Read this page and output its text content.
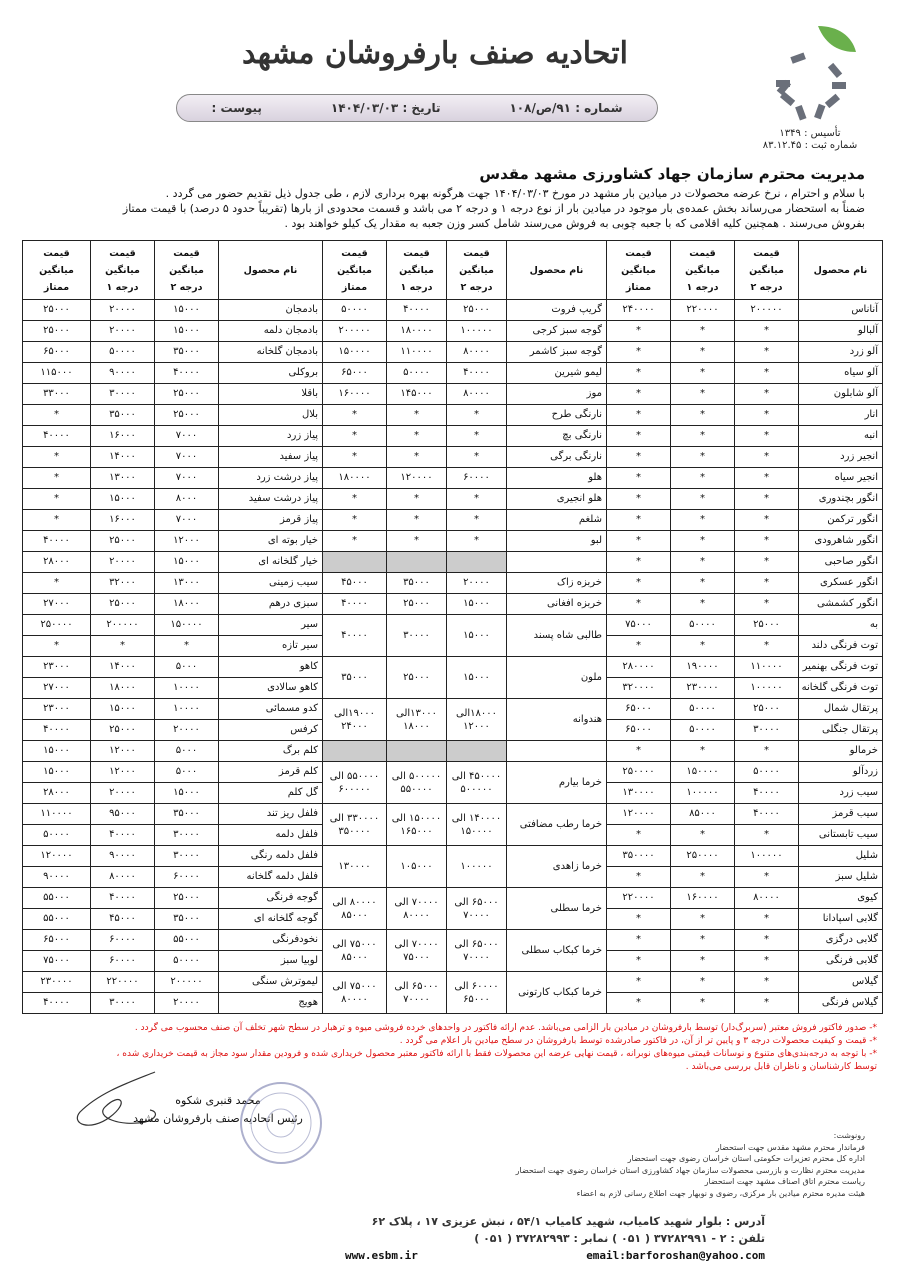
اتحادیه صنف بارفروشان مشهد
تأسیس : ۱۳۴۹
شماره ثبت : ۸۳.۱۲.۴۵
شماره : ۹۱/ص/۱۰۸
تاریخ : ۱۴۰۴/۰۳/۰۳
پیوست :
مدیریت محترم سازمان جهاد کشاورزی مشهد مقدس

با سلام و احترام ، نرخ عرضه محصولات در میادین بار مشهد در مورخ ۱۴۰۴/۰۳/۰۳ جهت هرگونه بهره برداری لازم ، طی جدول ذیل تقدیم حضور می گردد .

ضمناً به استحضار می‌رساند بخش عمده‌ی بار موجود در میادین بار از نوع درجه ۱ و درجه ۲ می باشد و قسمت محدودی از بارها (تقریباً حدود ۵ درصد) با قیمت ممتاز

بفروش می‌رسند . همچنین کلیه اقلامی که با جعبه چوبی به فروش می‌رسند شامل کسر وزن جعبه به مقدار یک کیلو خواهند بود .

نام محصول	قیمت میانگین درجه ۲	قیمت میانگین درجه ۱	قیمت میانگین ممتاز	نام محصول	قیمت میانگین درجه ۲	قیمت میانگین درجه ۱	قیمت میانگین ممتاز	نام محصول	قیمت میانگین درجه ۲	قیمت میانگین درجه ۱	قیمت میانگین ممتاز
آناناس	۲۰۰۰۰۰	۲۲۰۰۰۰	۲۴۰۰۰۰	گریپ فروت	۲۵۰۰۰	۴۰۰۰۰	۵۰۰۰۰	بادمجان	۱۵۰۰۰	۲۰۰۰۰	۲۵۰۰۰
آلبالو	*	*	*	گوجه سبز کرجی	۱۰۰۰۰۰	۱۸۰۰۰۰	۲۰۰۰۰۰	بادمجان دلمه	۱۵۰۰۰	۲۰۰۰۰	۲۵۰۰۰
آلو زرد	*	*	*	گوجه سبز کاشمر	۸۰۰۰۰	۱۱۰۰۰۰	۱۵۰۰۰۰	بادمجان گلخانه	۳۵۰۰۰	۵۰۰۰۰	۶۵۰۰۰
آلو سیاه	*	*	*	لیمو شیرین	۴۰۰۰۰	۵۰۰۰۰	۶۵۰۰۰	بروکلی	۴۰۰۰۰	۹۰۰۰۰	۱۱۵۰۰۰
آلو شابلون	*	*	*	موز	۸۰۰۰۰	۱۴۵۰۰۰	۱۶۰۰۰۰	باقلا	۲۵۰۰۰	۳۰۰۰۰	۳۳۰۰۰
انار	*	*	*	نارنگی طرح	*	*	*	بلال	۲۵۰۰۰	۳۵۰۰۰	*
انبه	*	*	*	نارنگی بچ	*	*	*	پیاز زرد	۷۰۰۰	۱۶۰۰۰	۴۰۰۰۰
انجیر زرد	*	*	*	نارنگی برگی	*	*	*	پیاز سفید	۷۰۰۰	۱۴۰۰۰	*
انجیر سیاه	*	*	*	هلو	۶۰۰۰۰	۱۲۰۰۰۰	۱۸۰۰۰۰	پیاز درشت زرد	۷۰۰۰	۱۳۰۰۰	*
انگور بچندوری	*	*	*	هلو انجیری	*	*	*	پیاز درشت سفید	۸۰۰۰	۱۵۰۰۰	*
انگور ترکمن	*	*	*	شلغم	*	*	*	پیاز قرمز	۷۰۰۰	۱۶۰۰۰	*
انگور شاهرودی	*	*	*	لبو	*	*	*	خیار بوته ای	۱۲۰۰۰	۲۵۰۰۰	۴۰۰۰۰
انگور صاحبی	*	*	*					خیار گلخانه ای	۱۵۰۰۰	۲۰۰۰۰	۲۸۰۰۰
انگور عسکری	*	*	*	خربزه زاک	۲۰۰۰۰	۳۵۰۰۰	۴۵۰۰۰	سیب زمینی	۱۳۰۰۰	۳۲۰۰۰	*
انگور کشمشی	*	*	*	خربزه افغانی	۱۵۰۰۰	۲۵۰۰۰	۴۰۰۰۰	سبزی درهم	۱۸۰۰۰	۲۵۰۰۰	۲۷۰۰۰
به	۲۵۰۰۰	۵۰۰۰۰	۷۵۰۰۰	طالبی شاه پسند	۱۵۰۰۰	۳۰۰۰۰	۴۰۰۰۰	سیر	۱۵۰۰۰۰	۲۰۰۰۰۰	۲۵۰۰۰۰
توت فرنگی دلند	*	*	*					سیر تازه	*	*	*
توت فرنگی بهنمیر	۱۱۰۰۰۰	۱۹۰۰۰۰	۲۸۰۰۰۰	ملون	۱۵۰۰۰	۲۵۰۰۰	۳۵۰۰۰	کاهو	۵۰۰۰	۱۴۰۰۰	۲۳۰۰۰
توت فرنگی گلخانه	۱۰۰۰۰۰	۲۳۰۰۰۰	۳۲۰۰۰۰					کاهو سالادی	۱۰۰۰۰	۱۸۰۰۰	۲۷۰۰۰
پرتقال شمال	۲۵۰۰۰	۵۰۰۰۰	۶۵۰۰۰	هندوانه	۱۸۰۰۰الی ۱۲۰۰۰	۱۳۰۰۰الی ۱۸۰۰۰	۱۹۰۰۰الی ۲۴۰۰۰	کدو مسمائی	۱۰۰۰۰	۱۵۰۰۰	۲۳۰۰۰
پرتقال جنگلی	۳۰۰۰۰	۵۰۰۰۰	۶۵۰۰۰					کرفس	۲۰۰۰۰	۲۵۰۰۰	۴۰۰۰۰
خرمالو	*	*	*					کلم برگ	۵۰۰۰	۱۲۰۰۰	۱۵۰۰۰
زردآلو	۵۰۰۰۰	۱۵۰۰۰۰	۲۵۰۰۰۰	خرما بیارم	۴۵۰۰۰۰ الی ۵۰۰۰۰۰	۵۰۰۰۰۰ الی ۵۵۰۰۰۰	۵۵۰۰۰۰ الی ۶۰۰۰۰۰	کلم قرمز	۵۰۰۰	۱۲۰۰۰	۱۵۰۰۰
سیب زرد	۴۰۰۰۰	۱۰۰۰۰۰	۱۳۰۰۰۰					گل کلم	۱۵۰۰۰	۲۰۰۰۰	۲۸۰۰۰
سیب قرمز	۴۰۰۰۰	۸۵۰۰۰	۱۲۰۰۰۰	خرما رطب مضافتی	۱۴۰۰۰۰ الی ۱۵۰۰۰۰	۱۵۰۰۰۰ الی ۱۶۵۰۰۰	۳۳۰۰۰۰ الی ۳۵۰۰۰۰	فلفل ریز تند	۳۵۰۰۰	۹۵۰۰۰	۱۱۰۰۰۰
سیب تابستانی	*	*	*					فلفل دلمه	۳۰۰۰۰	۴۰۰۰۰	۵۰۰۰۰
شلیل	۱۰۰۰۰۰	۲۵۰۰۰۰	۳۵۰۰۰۰	خرما زاهدی	۱۰۰۰۰۰	۱۰۵۰۰۰	۱۳۰۰۰۰	فلفل دلمه رنگی	۳۰۰۰۰	۹۰۰۰۰	۱۲۰۰۰۰
شلیل سبز	*	*	*					فلفل دلمه گلخانه	۶۰۰۰۰	۸۰۰۰۰	۹۰۰۰۰
کیوی	۸۰۰۰۰	۱۶۰۰۰۰	۲۲۰۰۰۰	خرما سطلی	۶۵۰۰۰ الی ۷۰۰۰۰	۷۰۰۰۰ الی ۸۰۰۰۰	۸۰۰۰۰ الی ۸۵۰۰۰	گوجه فرنگی	۲۵۰۰۰	۴۰۰۰۰	۵۵۰۰۰
گلابی اسپادانا	*	*	*					گوجه گلخانه ای	۳۵۰۰۰	۴۵۰۰۰	۵۵۰۰۰
گلابی درگزی	*	*	*	خرما کبکاب سطلی	۶۵۰۰۰ الی ۷۰۰۰۰	۷۰۰۰۰ الی ۷۵۰۰۰	۷۵۰۰۰ الی ۸۵۰۰۰	نخودفرنگی	۵۵۰۰۰	۶۰۰۰۰	۶۵۰۰۰
گلابی فرنگی	*	*	*					لوبیا سبز	۵۰۰۰۰	۶۰۰۰۰	۷۵۰۰۰
گیلاس	*	*	*	خرما کبکاب کارتونی	۶۰۰۰۰ الی ۶۵۰۰۰	۶۵۰۰۰ الی ۷۰۰۰۰	۷۵۰۰۰ الی ۸۰۰۰۰	لیموترش سنگی	۲۰۰۰۰۰	۲۲۰۰۰۰	۲۳۰۰۰۰
گیلاس فرنگی	*	*	*					هویج	۲۰۰۰۰	۳۰۰۰۰	۴۰۰۰۰

*- صدور فاکتور فروش معتبر (سربرگ‌دار) توسط بارفروشان در میادین بار الزامی می‌باشد. عدم ارائه فاکتور در واحدهای خرده فروشی میوه و ترهبار در سطح شهر تخلف آن صنف محسوب می گردد .

*- قیمت و کیفیت محصولات درجه ۳ و پایین تر از آن، در فاکتور صادرشده توسط بارفروشان در سطح میادین بار اعلام می گردد .

*- با توجه به درجه‌بندی‌های متنوع و نوسانات قیمتی میوه‌های نوبرانه ، قیمت نهایی عرضه این محصولات فقط با ارائه فاکتور معتبر محصول خریداری شده و فرودین مقدار سود مجاز به قیمت خریداری شده ،

توسط کارشناسان و ناظران قابل بررسی می‌باشد .

محمد قنبری شکوه
رئیس اتحادیه صنف بارفروشان مشهد

رونوشت:

فرماندار محترم مشهد مقدس جهت استحضار

اداره کل محترم تعزیرات حکومتی استان خراسان رضوی جهت استحضار

مدیریت محترم نظارت و بازرسی محصولات سازمان جهاد کشاورزی استان خراسان رضوی جهت استحضار

ریاست محترم اتاق اصناف مشهد جهت استحضار

هیئت مدیره محترم میادین بار مرکزی، رضوی و نوبهار جهت اطلاع رسانی لازم به اعضاء

آدرس : بلوار شهید کامیاب، شهید کامیاب ۵۴/۱ ، نبش عزیزی ۱۷ ، پلاک ۶۲

تلفن : ۲ - ۳۷۲۸۲۹۹۱ ( ۰۵۱ ) نمابر : ۳۷۲۸۲۹۹۳ ( ۰۵۱ )

www.esbm.ir	email:barforoshan@yahoo.com
